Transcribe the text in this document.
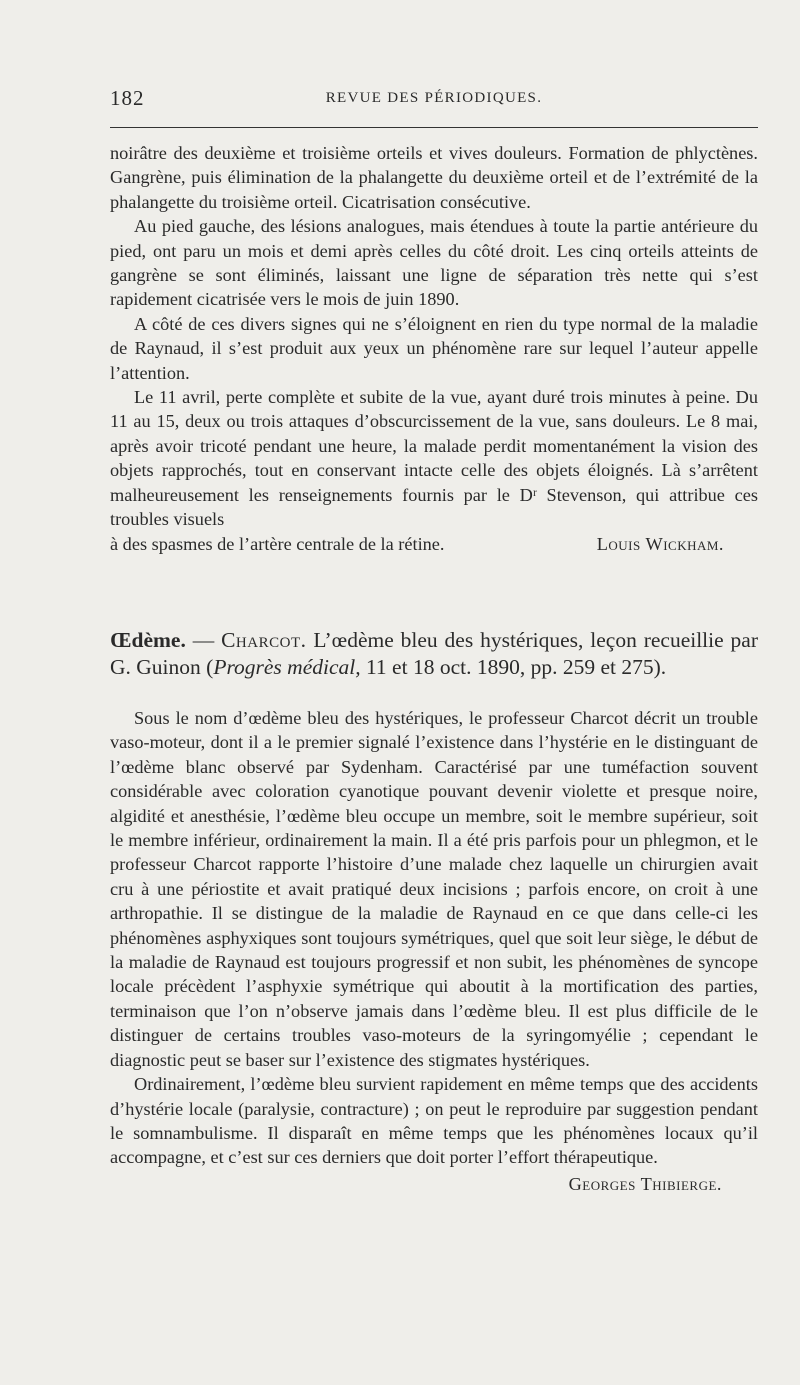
182	REVUE DES PÉRIODIQUES.

noirâtre des deuxième et troisième orteils et vives douleurs. Formation de phlyctènes. Gangrène, puis élimination de la phalangette du deuxième orteil et de l’extrémité de la phalangette du troisième orteil. Cicatrisation consécutive.

Au pied gauche, des lésions analogues, mais étendues à toute la partie antérieure du pied, ont paru un mois et demi après celles du côté droit. Les cinq orteils atteints de gangrène se sont éliminés, laissant une ligne de séparation très nette qui s’est rapidement cicatrisée vers le mois de juin 1890.

A côté de ces divers signes qui ne s’éloignent en rien du type normal de la maladie de Raynaud, il s’est produit aux yeux un phénomène rare sur lequel l’auteur appelle l’attention.

Le 11 avril, perte complète et subite de la vue, ayant duré trois minutes à peine. Du 11 au 15, deux ou trois attaques d’obscurcissement de la vue, sans douleurs. Le 8 mai, après avoir tricoté pendant une heure, la malade perdit momentanément la vision des objets rapprochés, tout en conservant intacte celle des objets éloignés. Là s’arrêtent malheureusement les renseignements fournis par le Dʳ Stevenson, qui attribue ces troubles visuels

à des spasmes de l’artère centrale de la rétine.	Louis Wickham.
Œdème. — Charcot. L’œdème bleu des hystériques, leçon recueillie par G. Guinon (Progrès médical, 11 et 18 oct. 1890, pp. 259 et 275).

Sous le nom d’œdème bleu des hystériques, le professeur Charcot décrit un trouble vaso-moteur, dont il a le premier signalé l’existence dans l’hystérie en le distinguant de l’œdème blanc observé par Sydenham. Caractérisé par une tuméfaction souvent considérable avec coloration cyanotique pouvant devenir violette et presque noire, algidité et anesthésie, l’œdème bleu occupe un membre, soit le membre supérieur, soit le membre inférieur, ordinairement la main. Il a été pris parfois pour un phlegmon, et le professeur Charcot rapporte l’histoire d’une malade chez laquelle un chirurgien avait cru à une périostite et avait pratiqué deux incisions ; parfois encore, on croit à une arthropathie. Il se distingue de la maladie de Raynaud en ce que dans celle-ci les phénomènes asphyxiques sont toujours symétriques, quel que soit leur siège, le début de la maladie de Raynaud est toujours progressif et non subit, les phénomènes de syncope locale précèdent l’asphyxie symétrique qui aboutit à la mortification des parties, terminaison que l’on n’observe jamais dans l’œdème bleu. Il est plus difficile de le distinguer de certains troubles vaso-moteurs de la syringomyélie ; cependant le diagnostic peut se baser sur l’existence des stigmates hystériques.

Ordinairement, l’œdème bleu survient rapidement en même temps que des accidents d’hystérie locale (paralysie, contracture) ; on peut le reproduire par suggestion pendant le somnambulisme. Il disparaît en même temps que les phénomènes locaux qu’il accompagne, et c’est sur ces derniers que doit porter l’effort thérapeutique.

Georges Thibierge.
